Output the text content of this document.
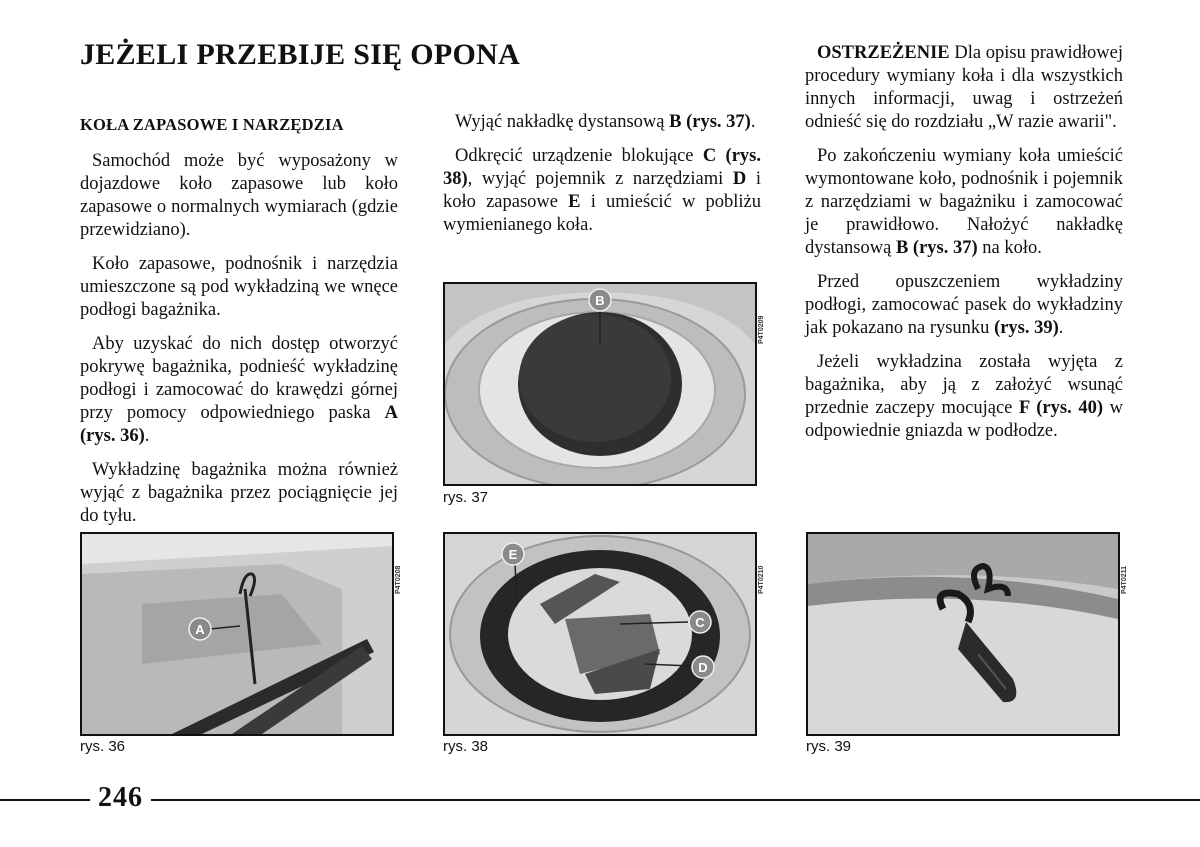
JEŻELI PRZEBIJE SIĘ OPONA
KOŁA ZAPASOWE I NARZĘDZIA

Samochód może być wyposażony w dojazdowe koło zapasowe lub koło zapasowe o normalnych wymiarach (gdzie przewidziano).

Koło zapasowe, podnośnik i narzędzia umieszczone są pod wykładziną we wnęce podłogi bagażnika.

Aby uzyskać do nich dostęp otworzyć pokrywę bagażnika, podnieść wykładzinę podłogi i zamocować do krawędzi górnej przy pomocy odpowiedniego paska A (rys. 36).

Wykładzinę bagażnika można również wyjąć z bagażnika przez pociągnięcie jej do tyłu.

Wyjąć nakładkę dystansową B (rys. 37).

Odkręcić urządzenie blokujące C (rys. 38), wyjąć pojemnik z narzędziami D i koło zapasowe E i umieścić w pobliżu wymienianego koła.

OSTRZEŻENIE Dla opisu prawidłowej procedury wymiany koła i dla wszystkich innych informacji, uwag i ostrzeżeń odnieść się do rozdziału „W razie awarii".

Po zakończeniu wymiany koła umieścić wymontowane koło, podnośnik i pojemnik z narzędziami w bagażniku i zamocować je prawidłowo. Nałożyć nakładkę dystansową B (rys. 37) na koło.

Przed opuszczeniem wykładziny podłogi, zamocować pasek do wykładziny jak pokazano na rysunku (rys. 39).

Jeżeli wykładzina została wyjęta z bagażnika, aby ją z założyć wsunąć przednie zaczepy mocujące F (rys. 40) w odpowiednie gniazda w podłodze.

B
P4T0209
rys. 37
A
P4T0208
rys. 36
E
C
D
P4T0210
rys. 38
P4T0211
rys. 39
246
